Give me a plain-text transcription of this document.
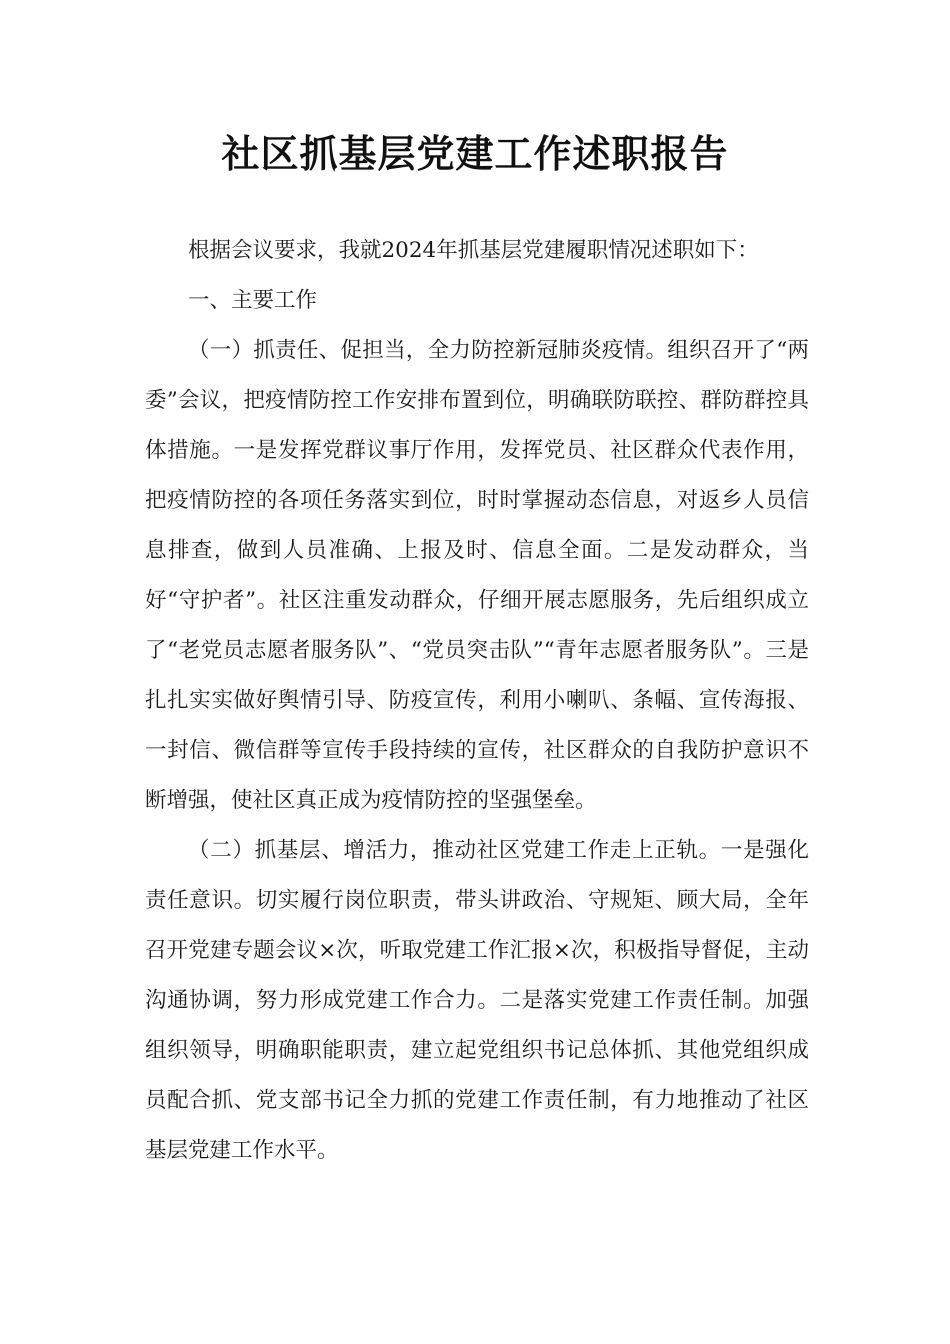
社区抓基层党建工作述职报告

根据会议要求，我就2024年抓基层党建履职情况述职如下：

一、主要工作

（一）抓责任、促担当，全力防控新冠肺炎疫情。组织召开了“两委”会议，把疫情防控工作安排布置到位，明确联防联控、群防群控具体措施。一是发挥党群议事厅作用，发挥党员、社区群众代表作用，把疫情防控的各项任务落实到位，时时掌握动态信息，对返乡人员信息排查，做到人员准确、上报及时、信息全面。二是发动群众，当好“守护者”。社区注重发动群众，仔细开展志愿服务，先后组织成立了“老党员志愿者服务队”、“党员突击队”“青年志愿者服务队”。三是扎扎实实做好舆情引导、防疫宣传，利用小喇叭、条幅、宣传海报、一封信、微信群等宣传手段持续的宣传，社区群众的自我防护意识不断增强，使社区真正成为疫情防控的坚强堡垒。

（二）抓基层、增活力，推动社区党建工作走上正轨。一是强化责任意识。切实履行岗位职责，带头讲政治、守规矩、顾大局，全年召开党建专题会议×次，听取党建工作汇报×次，积极指导督促，主动沟通协调，努力形成党建工作合力。二是落实党建工作责任制。加强组织领导，明确职能职责，建立起党组织书记总体抓、其他党组织成员配合抓、党支部书记全力抓的党建工作责任制，有力地推动了社区基层党建工作水平。
